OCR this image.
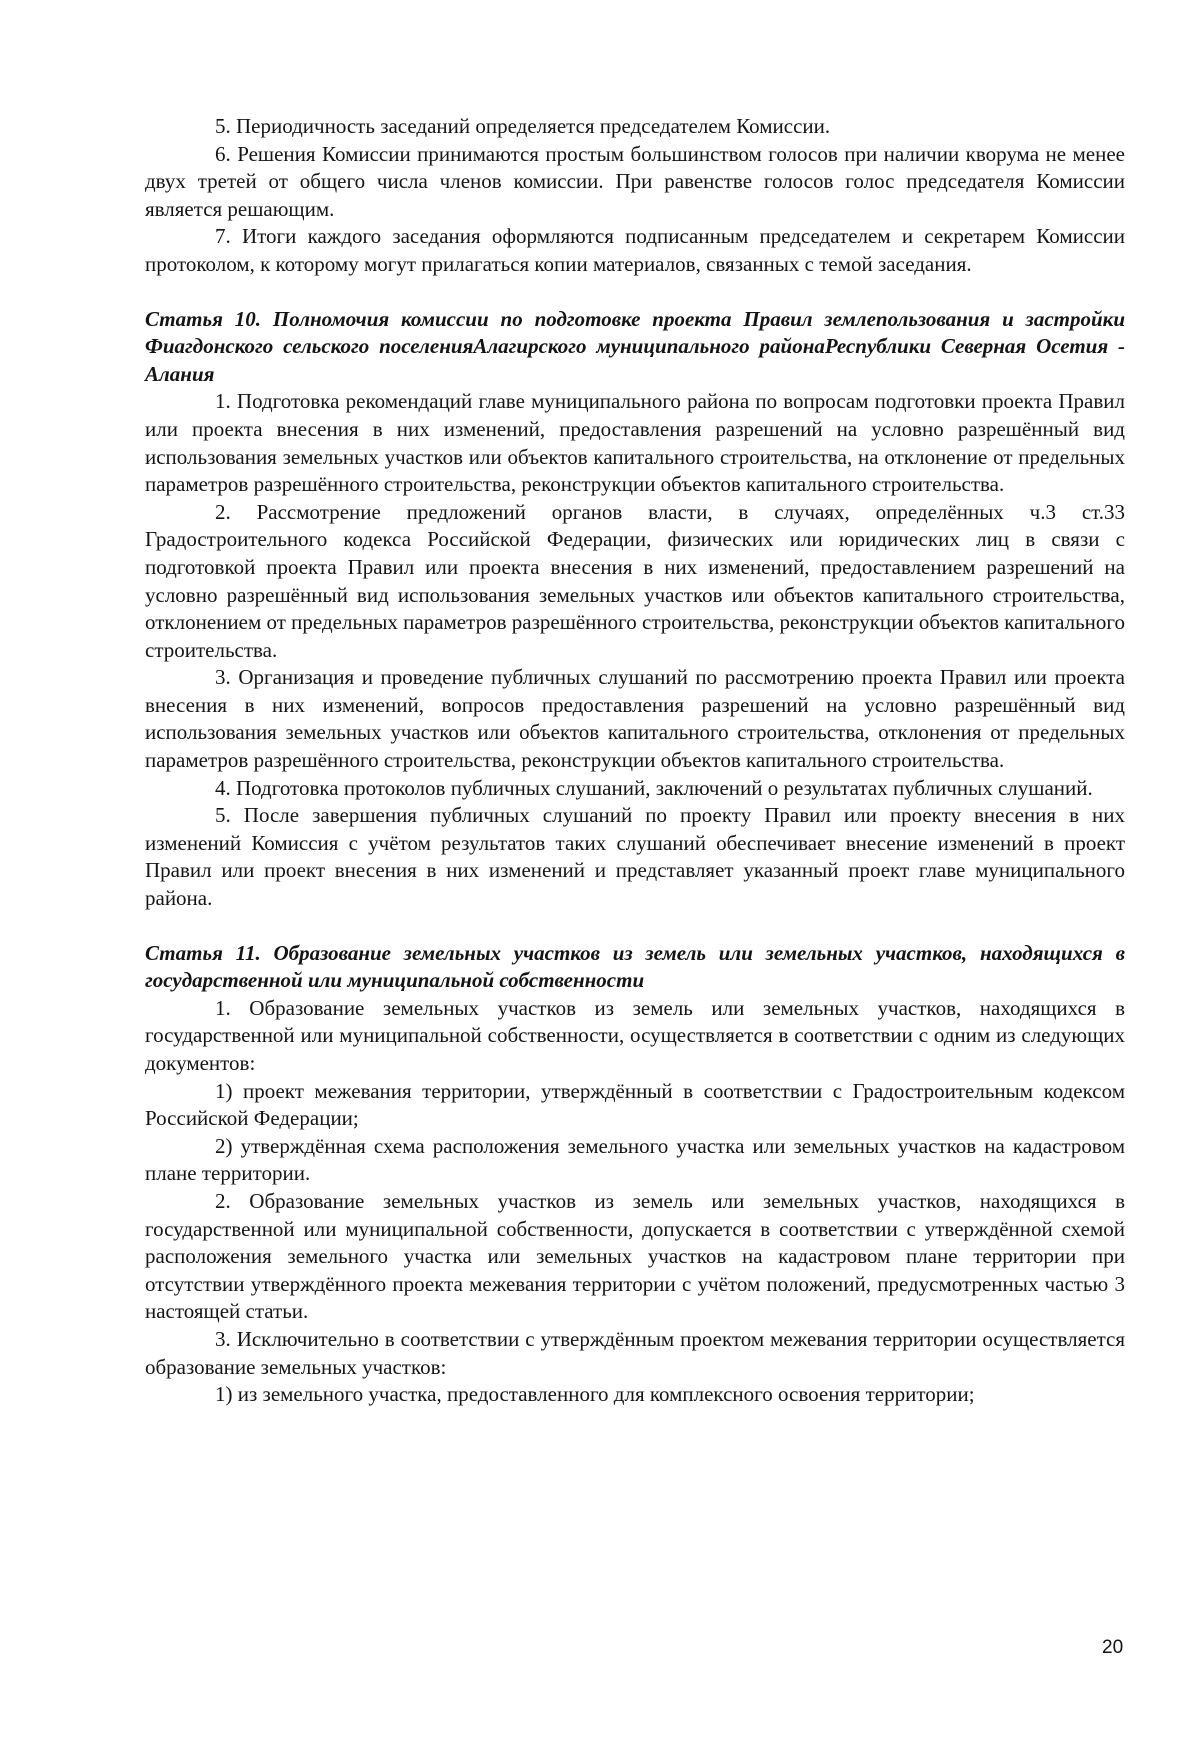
5. Периодичность заседаний определяется председателем Комиссии.

6. Решения Комиссии принимаются простым большинством голосов при наличии кворума не менее двух третей от общего числа членов комиссии. При равенстве голосов голос председателя Комиссии является решающим.

7. Итоги каждого заседания оформляются подписанным председателем и секретарем Комиссии протоколом, к которому могут прилагаться копии материалов, связанных с темой заседания.

Статья 10. Полномочия комиссии по подготовке проекта Правил землепользования и застройки Фиагдонского сельского поселенияАлагирского муниципального районаРеспублики Северная Осетия - Алания

1. Подготовка рекомендаций главе муниципального района по вопросам подготовки проекта Правил или проекта внесения в них изменений, предоставления разрешений на условно разрешённый вид использования земельных участков или объектов капитального строительства, на отклонение от предельных параметров разрешённого строительства, реконструкции объектов капитального строительства.

2. Рассмотрение предложений органов власти, в случаях, определённых ч.3 ст.33 Градостроительного кодекса Российской Федерации, физических или юридических лиц в связи с подготовкой проекта Правил или проекта внесения в них изменений, предоставлением разрешений на условно разрешённый вид использования земельных участков или объектов капитального строительства, отклонением от предельных параметров разрешённого строительства, реконструкции объектов капитального строительства.

3. Организация и проведение публичных слушаний по рассмотрению проекта Правил или проекта внесения в них изменений, вопросов предоставления разрешений на условно разрешённый вид использования земельных участков или объектов капитального строительства, отклонения от предельных параметров разрешённого строительства, реконструкции объектов капитального строительства.

4. Подготовка протоколов публичных слушаний, заключений о результатах публичных слушаний.

5. После завершения публичных слушаний по проекту Правил или проекту внесения в них изменений Комиссия с учётом результатов таких слушаний обеспечивает внесение изменений в проект Правил или проект внесения в них изменений и представляет указанный проект главе муниципального района.

Статья 11. Образование земельных участков из земель или земельных участков, находящихся в государственной или муниципальной собственности

1. Образование земельных участков из земель или земельных участков, находящихся в государственной или муниципальной собственности, осуществляется в соответствии с одним из следующих документов:

1) проект межевания территории, утверждённый в соответствии с Градостроительным кодексом Российской Федерации;

2) утверждённая схема расположения земельного участка или земельных участков на кадастровом плане территории.

2. Образование земельных участков из земель или земельных участков, находящихся в государственной или муниципальной собственности, допускается в соответствии с утверждённой схемой расположения земельного участка или земельных участков на кадастровом плане территории при отсутствии утверждённого проекта межевания территории с учётом положений, предусмотренных частью 3 настоящей статьи.

3. Исключительно в соответствии с утверждённым проектом межевания территории осуществляется образование земельных участков:

1) из земельного участка, предоставленного для комплексного освоения территории;

20
